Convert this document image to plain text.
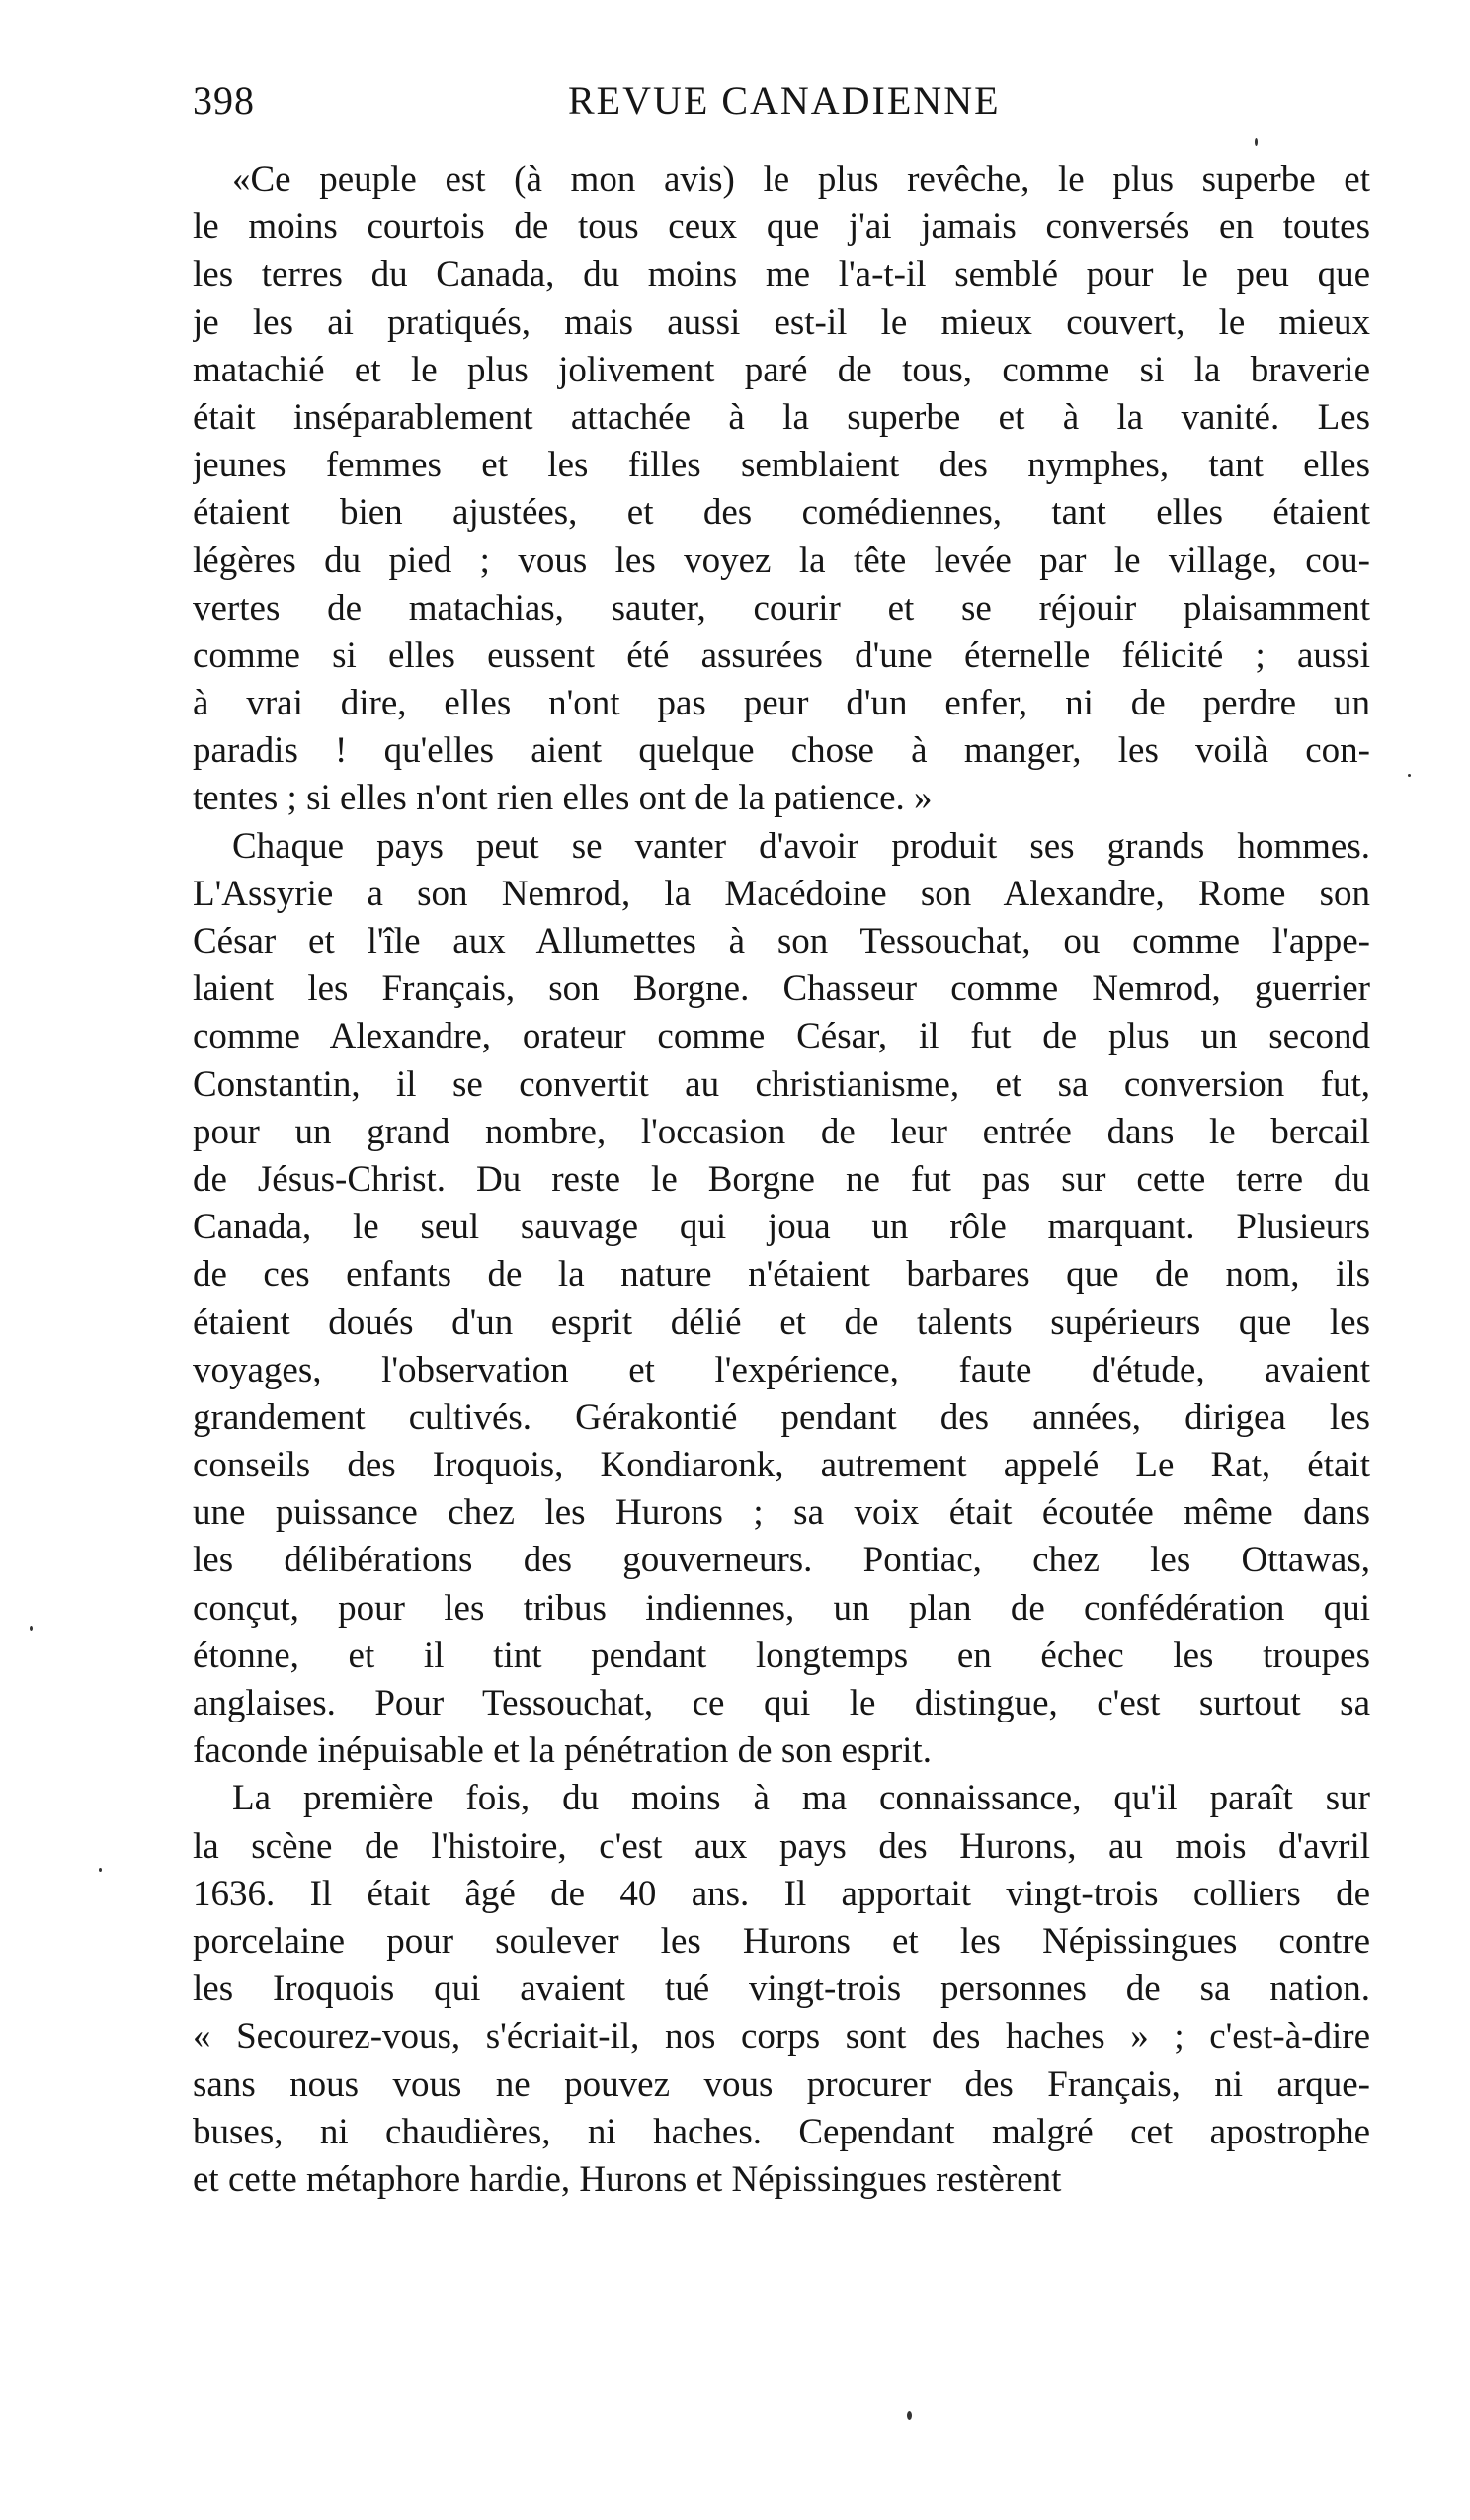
398	REVUE CANADIENNE
«Ce peuple est (à mon avis) le plus revêche, le plus superbe et
le moins courtois de tous ceux que j'ai jamais conversés en toutes
les terres du Canada, du moins me l'a-t-il semblé pour le peu que
je les ai pratiqués, mais aussi est-il le mieux couvert, le mieux
matachié et le plus jolivement paré de tous, comme si la braverie
était inséparablement attachée à la superbe et à la vanité. Les
jeunes femmes et les filles semblaient des nymphes, tant elles
étaient bien ajustées, et des comédiennes, tant elles étaient
légères du pied ; vous les voyez la tête levée par le village, cou-
vertes de matachias, sauter, courir et se réjouir plaisamment
comme si elles eussent été assurées d'une éternelle félicité ; aussi
à vrai dire, elles n'ont pas peur d'un enfer, ni de perdre un
paradis ! qu'elles aient quelque chose à manger, les voilà con-
tentes ; si elles n'ont rien elles ont de la patience. »
Chaque pays peut se vanter d'avoir produit ses grands hommes.
L'Assyrie a son Nemrod, la Macédoine son Alexandre, Rome son
César et l'île aux Allumettes à son Tessouchat, ou comme l'appe-
laient les Français, son Borgne. Chasseur comme Nemrod, guerrier
comme Alexandre, orateur comme César, il fut de plus un second
Constantin, il se convertit au christianisme, et sa conversion fut,
pour un grand nombre, l'occasion de leur entrée dans le bercail
de Jésus-Christ. Du reste le Borgne ne fut pas sur cette terre du
Canada, le seul sauvage qui joua un rôle marquant. Plusieurs
de ces enfants de la nature n'étaient barbares que de nom, ils
étaient doués d'un esprit délié et de talents supérieurs que les
voyages, l'observation et l'expérience, faute d'étude, avaient
grandement cultivés. Gérakontié pendant des années, dirigea les
conseils des Iroquois, Kondiaronk, autrement appelé Le Rat, était
une puissance chez les Hurons ; sa voix était écoutée même dans
les délibérations des gouverneurs. Pontiac, chez les Ottawas,
conçut, pour les tribus indiennes, un plan de confédération qui
étonne, et il tint pendant longtemps en échec les troupes
anglaises. Pour Tessouchat, ce qui le distingue, c'est surtout sa
faconde inépuisable et la pénétration de son esprit.
La première fois, du moins à ma connaissance, qu'il paraît sur
la scène de l'histoire, c'est aux pays des Hurons, au mois d'avril
1636. Il était âgé de 40 ans. Il apportait vingt-trois colliers de
porcelaine pour soulever les Hurons et les Népissingues contre
les Iroquois qui avaient tué vingt-trois personnes de sa nation.
« Secourez-vous, s'écriait-il, nos corps sont des haches » ; c'est-à-dire
sans nous vous ne pouvez vous procurer des Français, ni arque-
buses, ni chaudières, ni haches. Cependant malgré cet apostrophe
et cette métaphore hardie, Hurons et Népissingues restèrent
